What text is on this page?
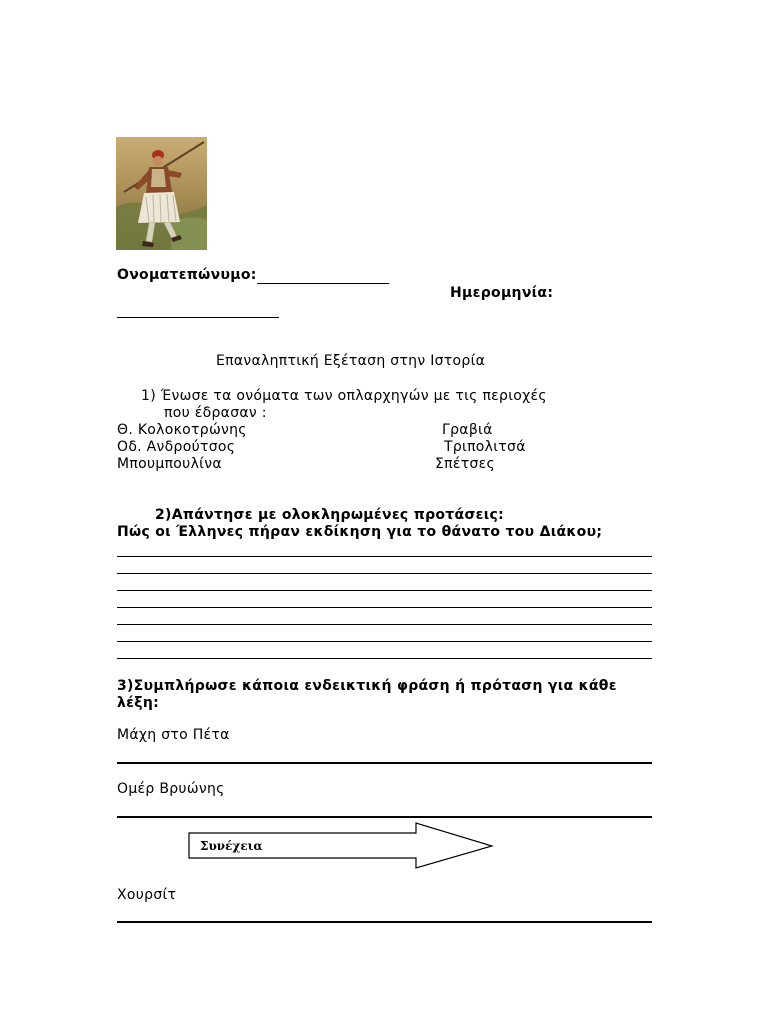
Ονοματεπώνυμο:
Ημερομηνία:
Επαναληπτική Εξέταση στην Ιστορία
1) Ένωσε τα ονόματα των οπλαρχηγών με τις περιοχές
που έδρασαν :
Θ. Κολοκοτρώνης
Οδ. Ανδρούτσος
Μπουμπουλίνα
Γραβιά
Τριπολιτσά
Σπέτσες
2)Απάντησε με ολοκληρωμένες προτάσεις:
Πώς οι Έλληνες πήραν εκδίκηση για το θάνατο του Διάκου;
3)Συμπλήρωσε κάποια ενδεικτική φράση ή πρόταση για κάθε
λέξη:
Μάχη στο Πέτα
Ομέρ Βρυώνης
Συνέχεια
Χουρσίτ
